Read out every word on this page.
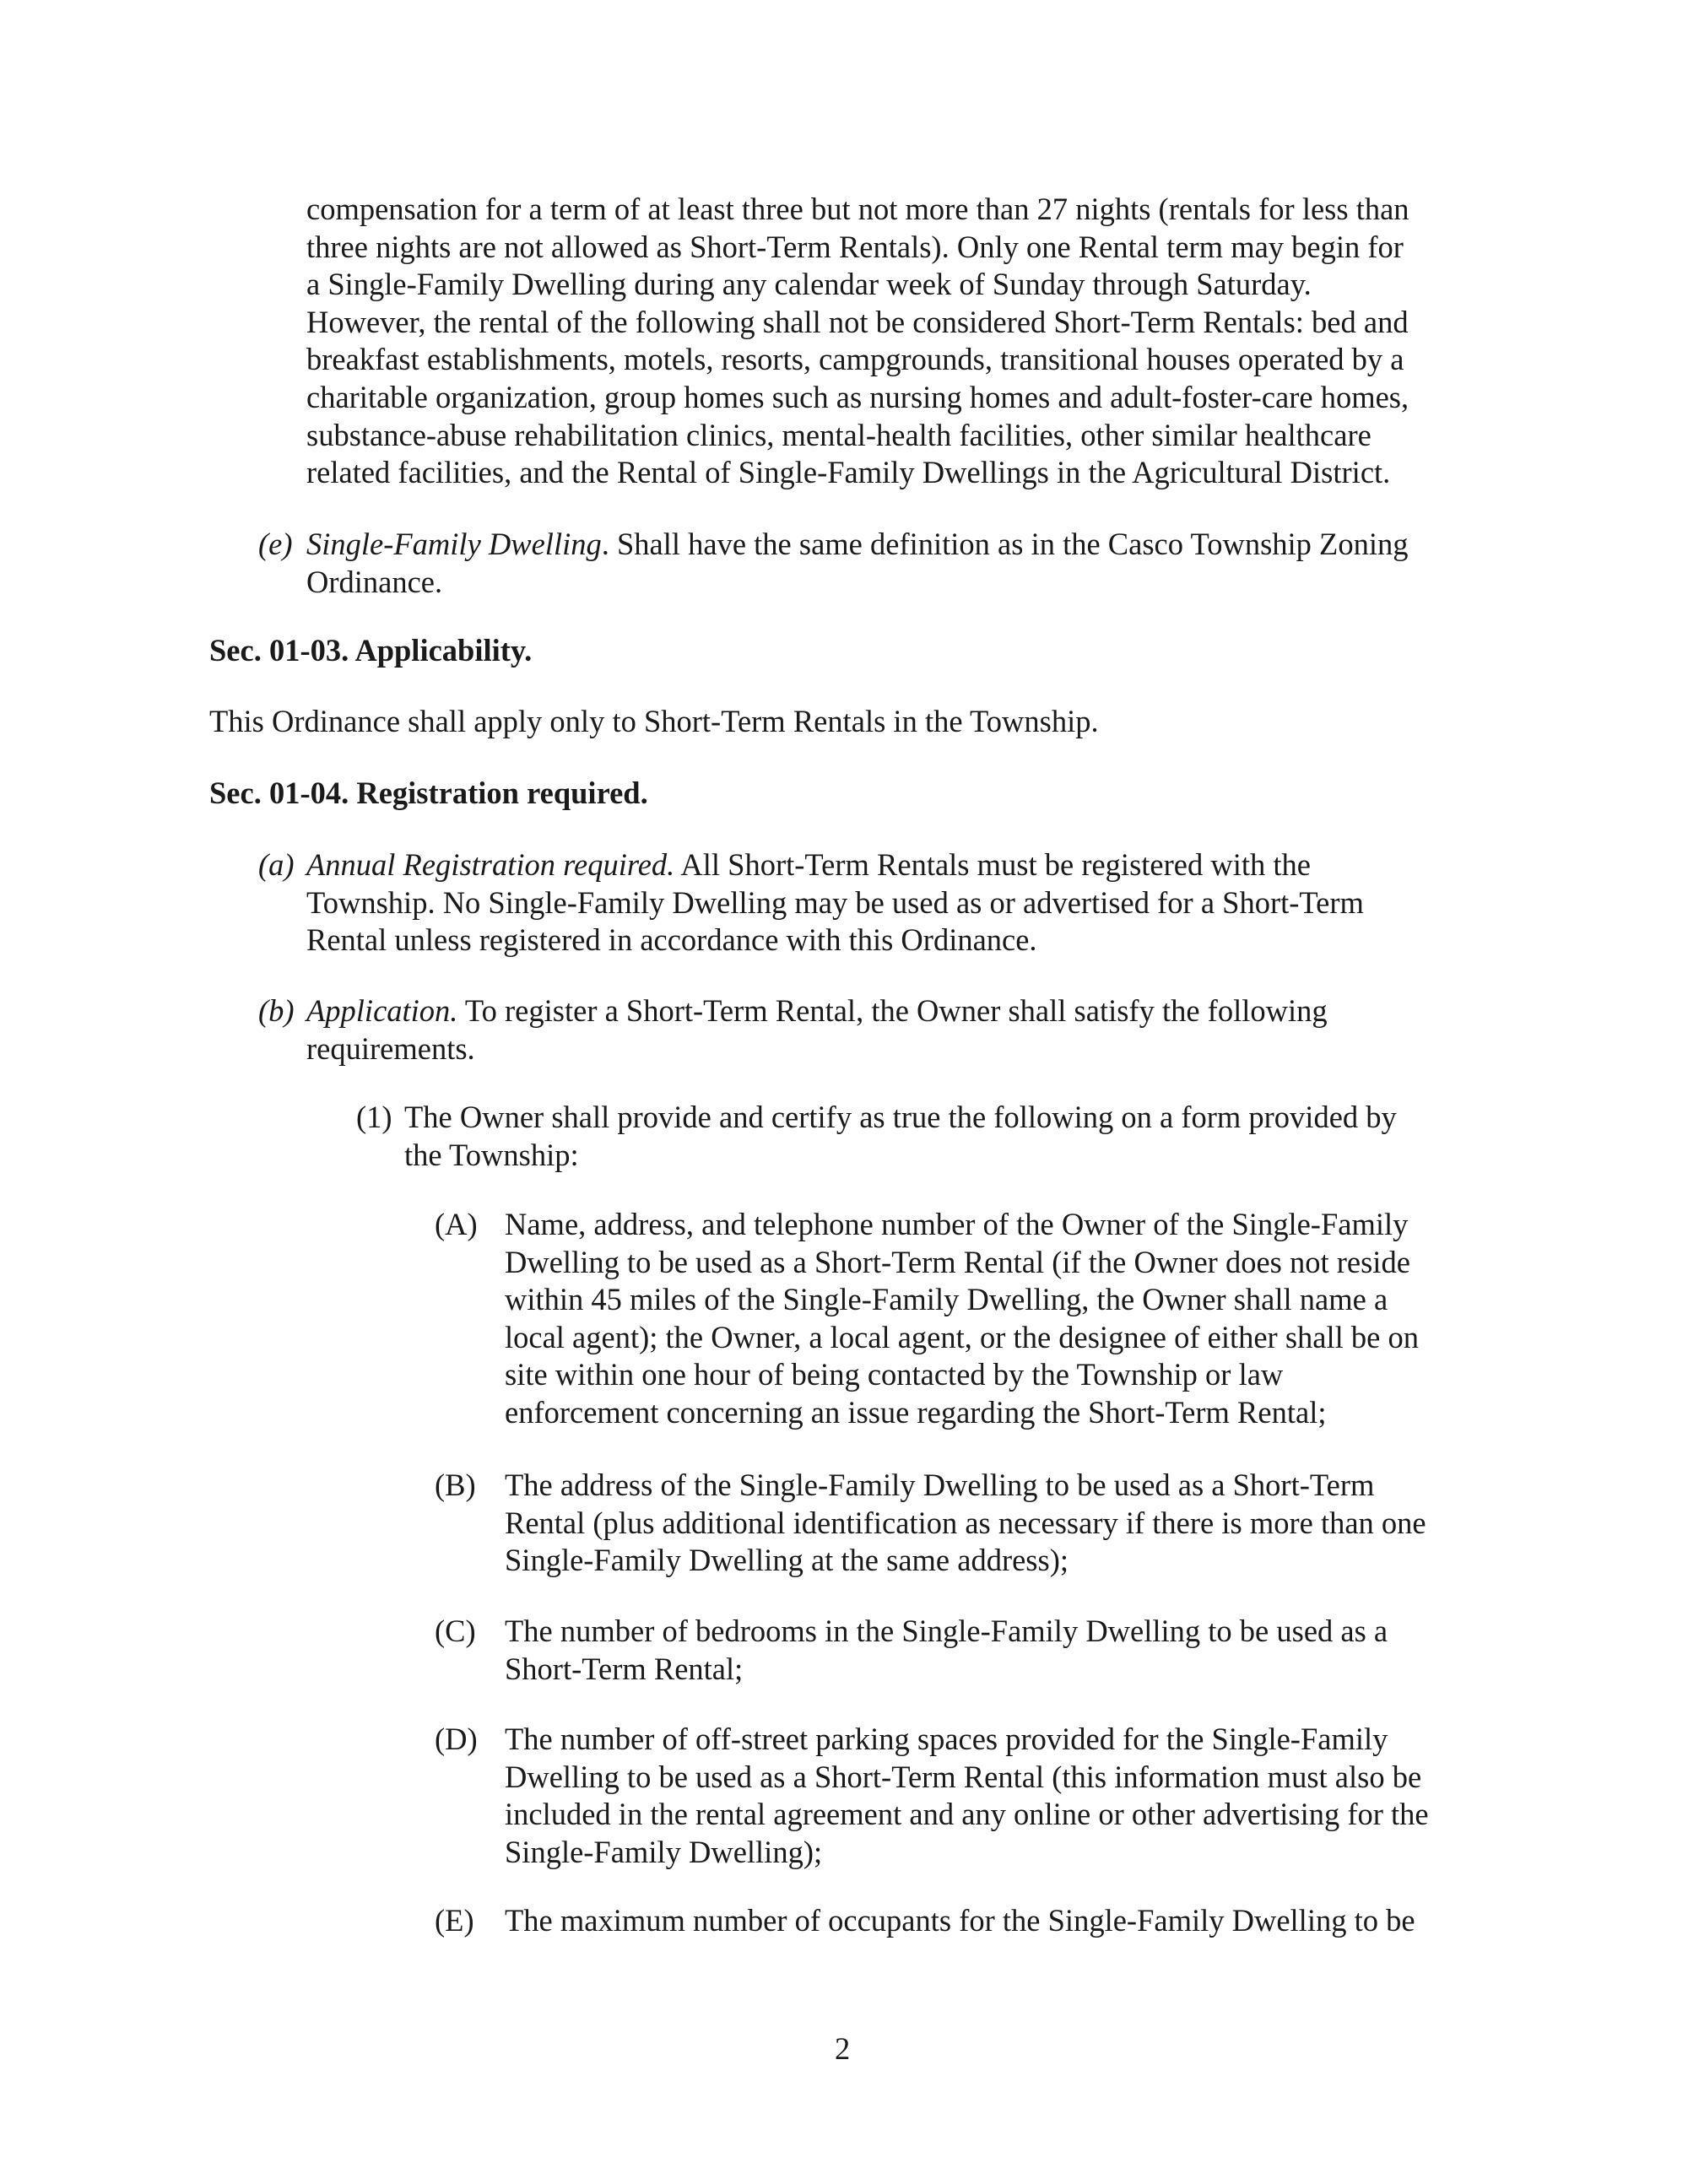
compensation for a term of at least three but not more than 27 nights (rentals for less than
three nights are not allowed as Short-Term Rentals). Only one Rental term may begin for
a Single-Family Dwelling during any calendar week of Sunday through Saturday.
However, the rental of the following shall not be considered Short-Term Rentals: bed and
breakfast establishments, motels, resorts, campgrounds, transitional houses operated by a
charitable organization, group homes such as nursing homes and adult-foster-care homes,
substance-abuse rehabilitation clinics, mental-health facilities, other similar healthcare
related facilities, and the Rental of Single-Family Dwellings in the Agricultural District.
(e) Single-Family Dwelling. Shall have the same definition as in the Casco Township Zoning
Ordinance.
Sec. 01-03. Applicability.
This Ordinance shall apply only to Short-Term Rentals in the Township.
Sec. 01-04. Registration required.
(a) Annual Registration required. All Short-Term Rentals must be registered with the
Township. No Single-Family Dwelling may be used as or advertised for a Short-Term
Rental unless registered in accordance with this Ordinance.
(b) Application. To register a Short-Term Rental, the Owner shall satisfy the following
requirements.
(1) The Owner shall provide and certify as true the following on a form provided by
the Township:
(A) Name, address, and telephone number of the Owner of the Single-Family
Dwelling to be used as a Short-Term Rental (if the Owner does not reside
within 45 miles of the Single-Family Dwelling, the Owner shall name a
local agent); the Owner, a local agent, or the designee of either shall be on
site within one hour of being contacted by the Township or law
enforcement concerning an issue regarding the Short-Term Rental;
(B) The address of the Single-Family Dwelling to be used as a Short-Term
Rental (plus additional identification as necessary if there is more than one
Single-Family Dwelling at the same address);
(C) The number of bedrooms in the Single-Family Dwelling to be used as a
Short-Term Rental;
(D) The number of off-street parking spaces provided for the Single-Family
Dwelling to be used as a Short-Term Rental (this information must also be
included in the rental agreement and any online or other advertising for the
Single-Family Dwelling);
(E) The maximum number of occupants for the Single-Family Dwelling to be
2
